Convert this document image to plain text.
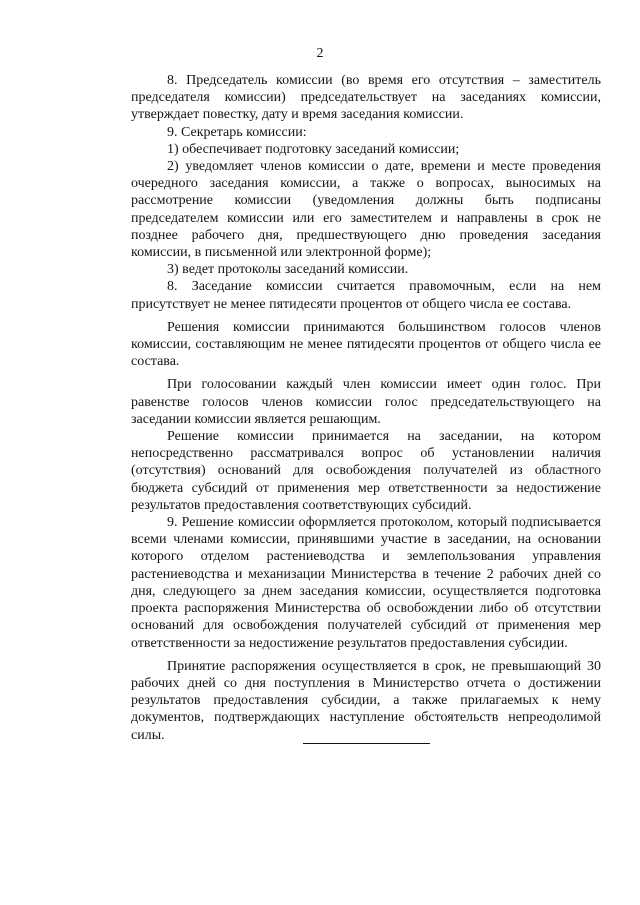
2

8. Председатель комиссии (во время его отсутствия – заместитель председателя комиссии) председательствует на заседаниях комиссии, утверждает повестку, дату и время заседания комиссии.

9. Секретарь комиссии:

1) обеспечивает подготовку заседаний комиссии;

2) уведомляет членов комиссии о дате, времени и месте проведения очередного заседания комиссии, а также о вопросах, выносимых на рассмотрение комиссии (уведомления должны быть подписаны председателем комиссии или его заместителем и направлены в срок не позднее рабочего дня, предшествующего дню проведения заседания комиссии, в письменной или электронной форме);

3) ведет протоколы заседаний комиссии.

8. Заседание комиссии считается правомочным, если на нем присутствует не менее пятидесяти процентов от общего числа ее состава.

Решения комиссии принимаются большинством голосов членов комиссии, составляющим не менее пятидесяти процентов от общего числа ее состава.

При голосовании каждый член комиссии имеет один голос. При равенстве голосов членов комиссии голос председательствующего на заседании комиссии является решающим.

Решение комиссии принимается на заседании, на котором непосредственно рассматривался вопрос об установлении наличия (отсутствия) оснований для освобождения получателей из областного бюджета субсидий от применения мер ответственности за недостижение результатов предоставления соответствующих субсидий.

9. Решение комиссии оформляется протоколом, который подписывается всеми членами комиссии, принявшими участие в заседании, на основании которого отделом растениеводства и землепользования управления растениеводства и механизации Министерства в течение 2 рабочих дней со дня, следующего за днем заседания комиссии, осуществляется подготовка проекта распоряжения Министерства об освобождении либо об отсутствии оснований для освобождения получателей субсидий от применения мер ответственности за недостижение результатов предоставления субсидии.

Принятие распоряжения осуществляется в срок, не превышающий 30 рабочих дней со дня поступления в Министерство отчета о достижении результатов предоставления субсидии, а также прилагаемых к нему документов, подтверждающих наступление обстоятельств непреодолимой силы.
